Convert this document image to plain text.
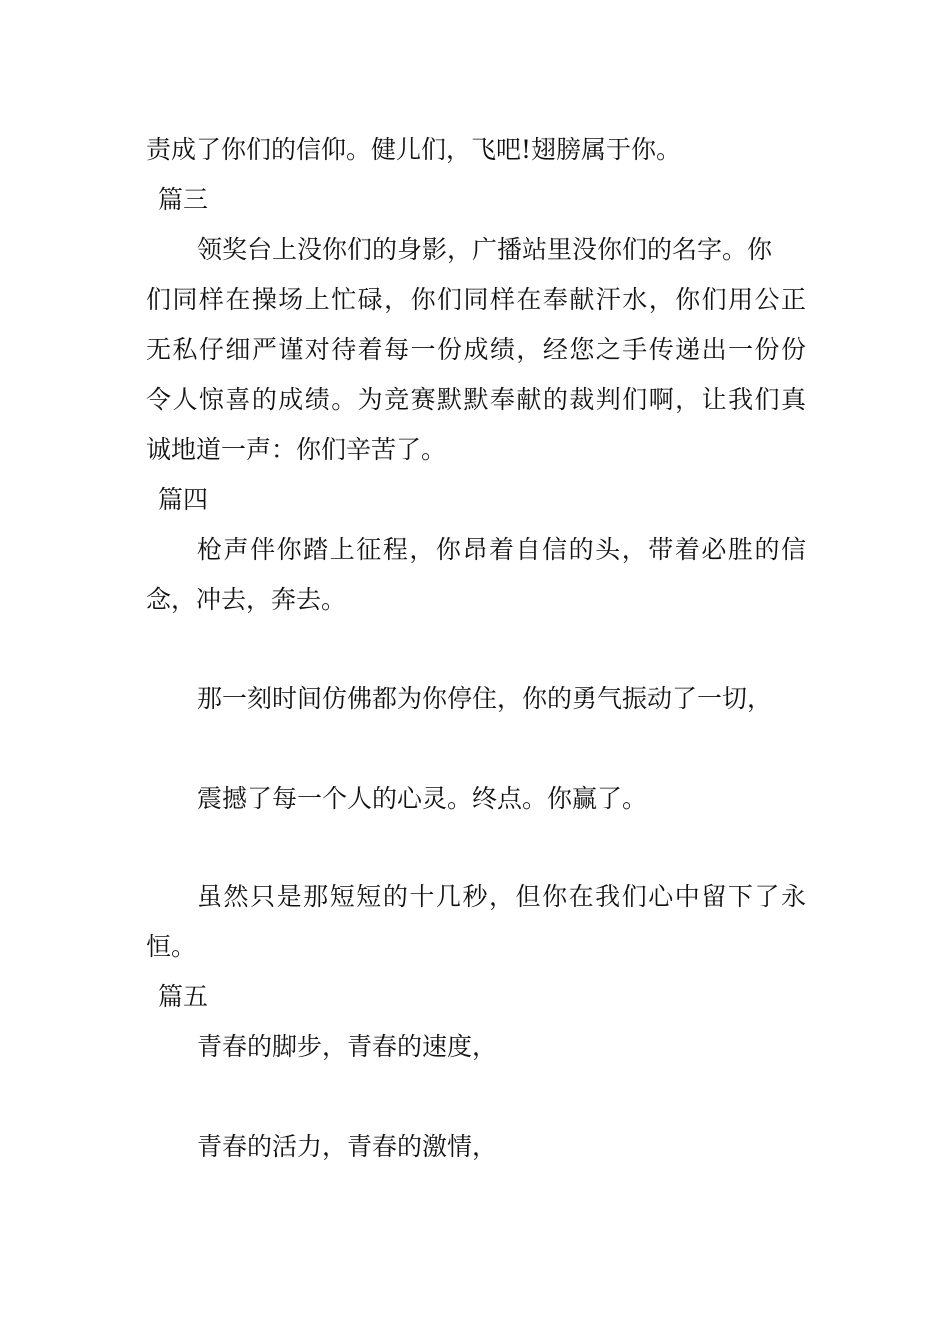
责成了你们的信仰。健儿们，飞吧!翅膀属于你。
篇三
领奖台上没你们的身影，广播站里没你们的名字。你
们同样在操场上忙碌，你们同样在奉献汗水，你们用公正
无私仔细严谨对待着每一份成绩，经您之手传递出一份份
令人惊喜的成绩。为竞赛默默奉献的裁判们啊，让我们真
诚地道一声：你们辛苦了。
篇四
枪声伴你踏上征程，你昂着自信的头，带着必胜的信
念，冲去，奔去。
那一刻时间仿佛都为你停住，你的勇气振动了一切，
震撼了每一个人的心灵。终点。你赢了。
虽然只是那短短的十几秒，但你在我们心中留下了永
恒。
篇五
青春的脚步，青春的速度，
青春的活力，青春的激情，
